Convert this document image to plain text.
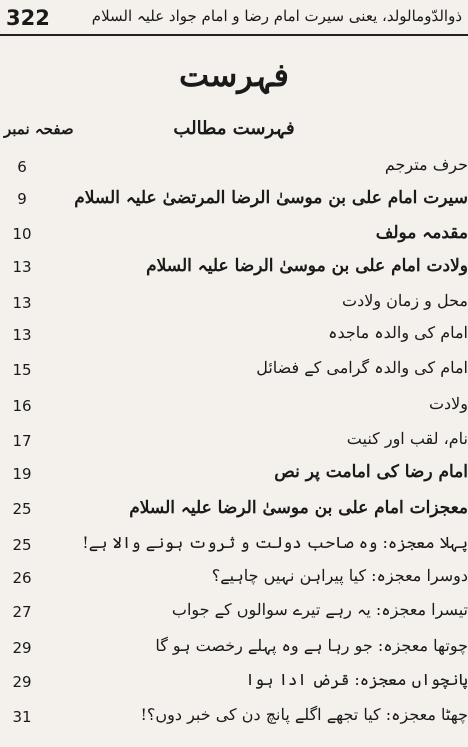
322	ذوالدّومالولد، یعنی سیرت امام رضا و امام جواد علیہ السلام
فہرست
فہرست مطالب
صفحہ نمبر
حرف مترجم
6
سیرت امام علی بن موسیٰ الرضا المرتضیٰ علیہ السلام
9
مقدمہ مولف
10
ولادت امام علی بن موسیٰ الرضا علیہ السلام
13
محل و زمان ولادت
13
امام کی والدہ ماجدہ
13
امام کی والدہ گرامی کے فضائل
15
ولادت
16
نام، لقب اور کنیت
17
امام رضا کی امامت پر نص
19
معجزات امام علی بن موسیٰ الرضا علیہ السلام
25
پہلا معجزہ: وہ صاحب دولت و ثروت ہونے والا ہے!
25
دوسرا معجزہ: کیا پیراہن نہیں چاہیے؟
26
تیسرا معجزہ: یہ رہے تیرے سوالوں کے جواب
27
چوتھا معجزہ: جو رہا ہے وہ پہلے رخصت ہو گا
29
پانچواں معجزہ: قرض ادا ہوا
29
چھٹا معجزہ: کیا تجھے اگلے پانچ دن کی خبر دوں؟!
31
